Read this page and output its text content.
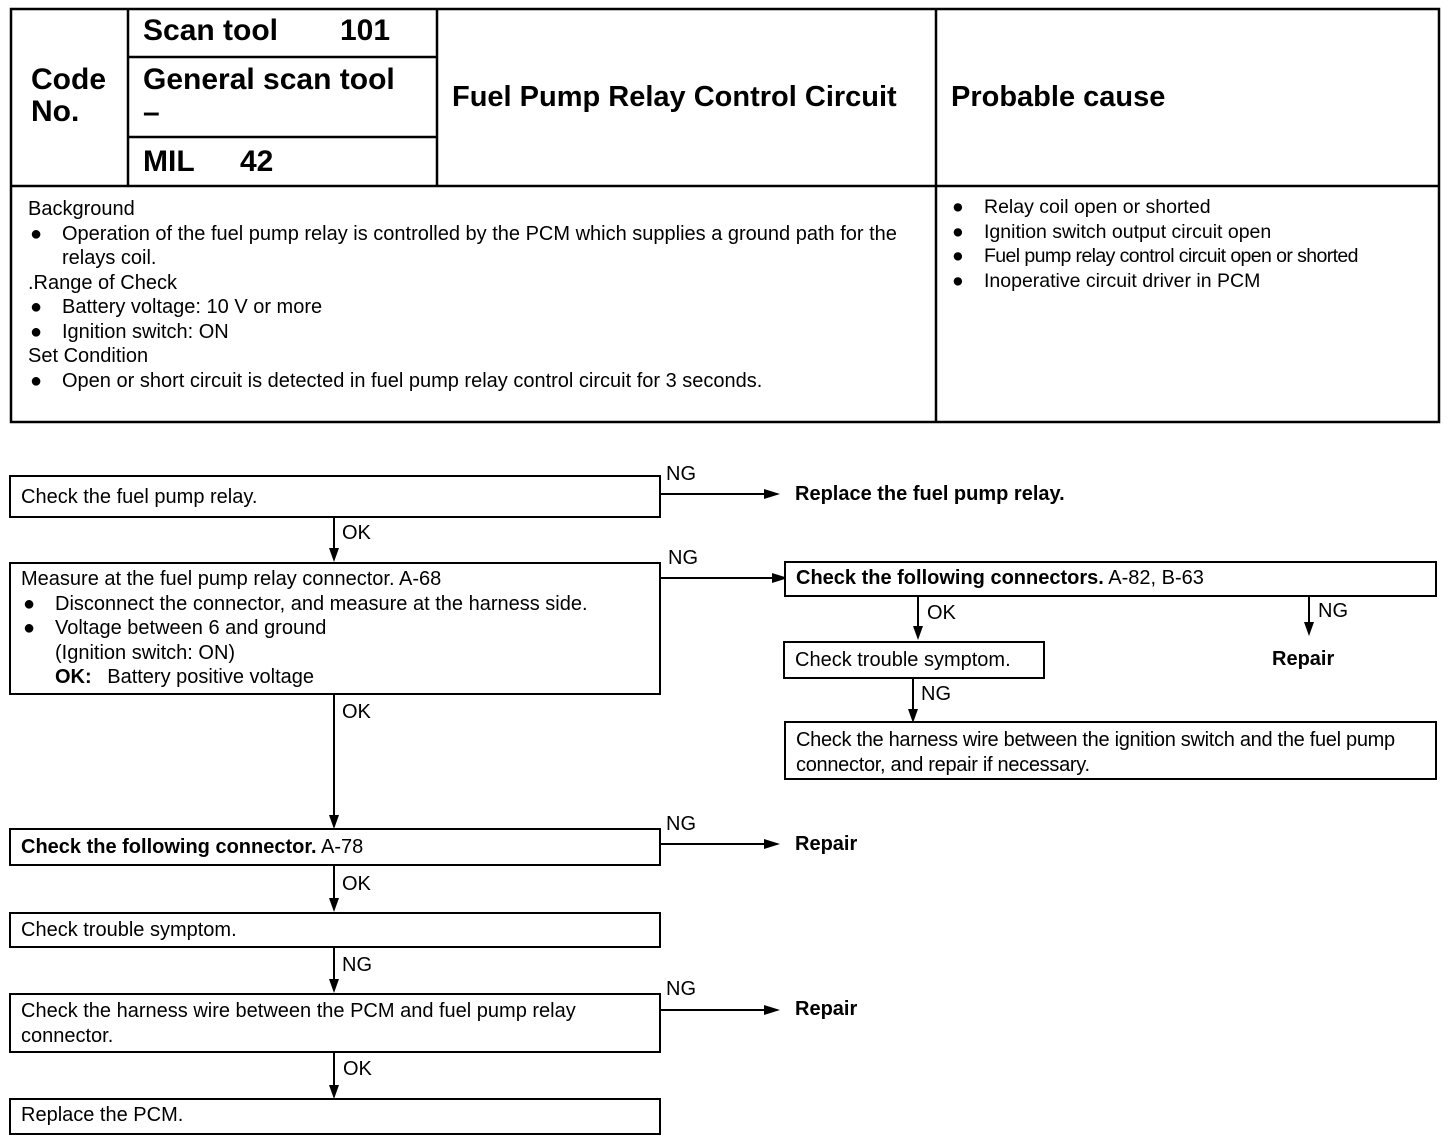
Code
No.
Scan tool 101
General scan tool
–
MIL 42
Fuel Pump Relay Control Circuit Probable cause
Background
● Operation of the fuel pump relay is controlled by the PCM which supplies a ground path for the relays coil.
.Range of Check
● Battery voltage: 10 V or more
● Ignition switch: ON
Set Condition
● Open or short circuit is detected in fuel pump relay control circuit for 3 seconds.
● Relay coil open or shorted
● Ignition switch output circuit open
● Fuel pump relay control circuit open or shorted
● Inoperative circuit driver in PCM
Check the fuel pump relay.
Measure at the fuel pump relay connector. A-68
● Disconnect the connector, and measure at the harness side.
● Voltage between 6 and ground
(Ignition switch: ON)
OK: Battery positive voltage
Check the following connectors. A-82, B-63
Check trouble symptom.
Check the harness wire between the ignition switch and the fuel pump connector, and repair if necessary.
Check the following connector. A-78
Check trouble symptom.
Check the harness wire between the PCM and fuel pump relay connector.
Replace the PCM.
NG
Replace the fuel pump relay.
OK
NG
OK	NG
Repair
NG
OK
NG
Repair
OK
NG
NG
Repair
OK
